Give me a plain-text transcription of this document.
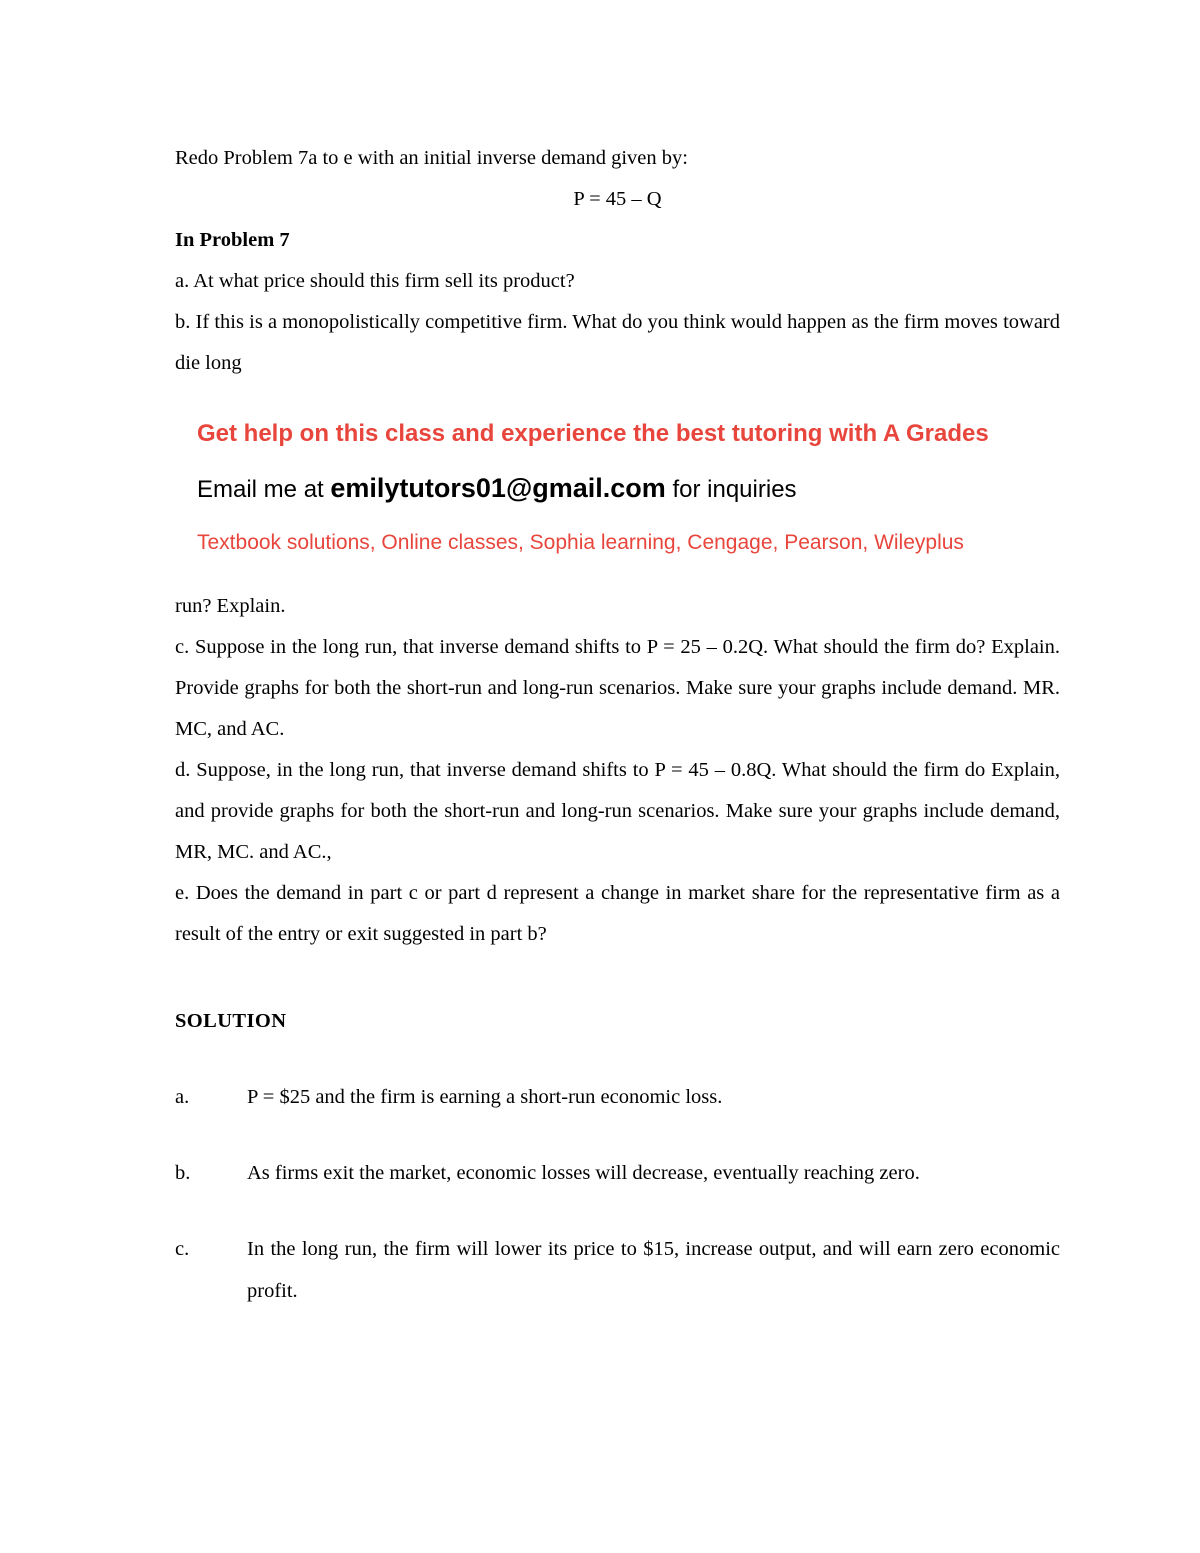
Redo Problem 7a to e with an initial inverse demand given by:

P = 45 – Q

In Problem 7

a. At what price should this firm sell its product?

b. If this is a monopolistically competitive firm. What do you think would happen as the firm moves toward die long

Get help on this class and experience the best tutoring with A Grades

Email me at emilytutors01@gmail.com for inquiries

Textbook solutions, Online classes, Sophia learning, Cengage, Pearson, Wileyplus

run? Explain.

c. Suppose in the long run, that inverse demand shifts to P = 25 – 0.2Q. What should the firm do? Explain. Provide graphs for both the short-run and long-run scenarios. Make sure your graphs include demand. MR. MC, and AC.

d. Suppose, in the long run, that inverse demand shifts to P = 45 – 0.8Q. What should the firm do Explain, and provide graphs for both the short-run and long-run scenarios. Make sure your graphs include demand, MR, MC. and AC.,

e. Does the demand in part c or part d represent a change in market share for the representative firm as a result of the entry or exit suggested in part b?

SOLUTION

a.	P = $25 and the firm is earning a short-run economic loss.
b.	As firms exit the market, economic losses will decrease, eventually reaching zero.
c.	In the long run, the firm will lower its price to $15, increase output, and will earn zero economic profit.
